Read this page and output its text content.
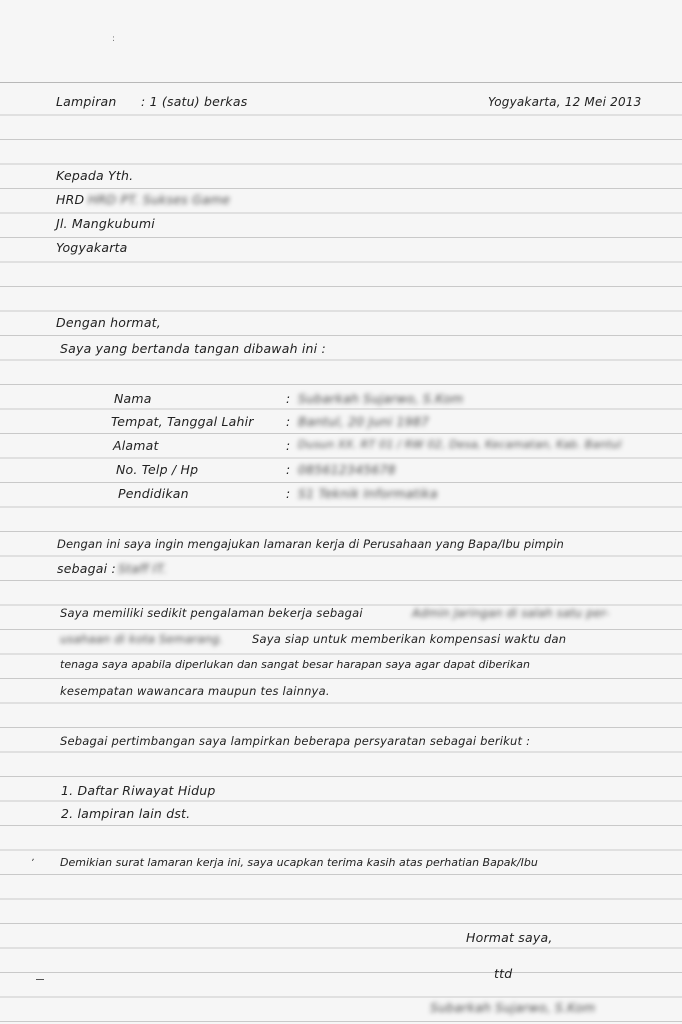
:
Lampiran : 1 (satu) berkas	Yogyakarta, 12 Mei 2013
Kepada Yth.
HRD HRD PT. Sukses Game
Jl. Mangkubumi
Yogyakarta
Dengan hormat,
Saya yang bertanda tangan dibawah ini :
Nama	: Subarkah Sujarwo, S.Kom
Tempat, Tanggal Lahir	: Bantul, 20 Juni 1987
Alamat	: Dusun XX. RT 01 / RW 02, Desa, Kecamatan, Kab. Bantul
No. Telp / Hp	: 085612345678
Pendidikan	: S1 Teknik Informatika
Dengan ini saya ingin mengajukan lamaran kerja di Perusahaan yang Bapa/Ibu pimpin
sebagai : Staff IT.
Saya memiliki sedikit pengalaman bekerja sebagai	Admin Jaringan di salah satu per-
usahaan di kota Semarang. Saya siap untuk memberikan kompensasi waktu dan
tenaga saya apabila diperlukan dan sangat besar harapan saya agar dapat diberikan
kesempatan wawancara maupun tes lainnya.
Sebagai pertimbangan saya lampirkan beberapa persyaratan sebagai berikut :
1. Daftar Riwayat Hidup
2. lampiran lain dst.
, Demikian surat lamaran kerja ini, saya ucapkan terima kasih atas perhatian Bapak/Ibu
Hormat saya,
ttd
Subarkah Sujarwo, S.Kom
